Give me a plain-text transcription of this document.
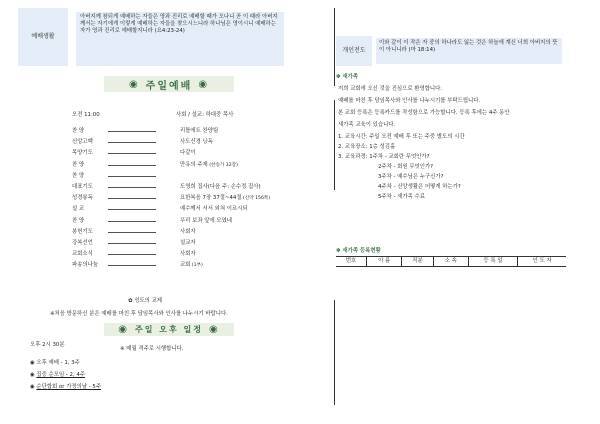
예배생활
아버지께 참되게 예배하는 자들은 영과 진리로 예배할 때가 오나니 곧 이 때라 아버지께서는 자기에게 이렇게 예배하는 자들을 찾으시느니라 하나님은 영이시니 예배하는 자가 영과 진리로 예배할지니라 (요4:23-24)
◉ 주일예배 ◉
오전 11:00	사회 / 설교: 하대중 목사
찬 양	리틀에트 찬양팀
신앙고백	사도신경 낭독
목양기도	다같이
찬 양	만유의 주재 (찬송가 32장)
찬 양
대표기도	도영희 집사(다음 주: 손수정 집사)
성경봉독	요한복음 7장 37절~44절 (신약 156쪽)
설 교	예수께서 서서 외쳐 이르시되
찬 양	우리 보좌 앞에 모였네
봉헌기도	사회자
강복선언	설교자
교회소식	사회자
파송의나눔	교회 (1부)
✿ 성도의 교제
※처음 방문하신 분은 예배를 마친 후 담임목사와 인사를 나누시기 바랍니다.
◉ 주일 오후 일정 ◉
오후 2시 30분
※ 매월 격주로 시행합니다.
◉ 오후 예배 - 1, 3주
◉ 집중 순모임 - 2, 4주
◉ 순단합회 or 가정의날 - 5주
개인전도
이와 같이 이 작은 자 중의 하나라도 잃는 것은 하늘에 계신 너희 아버지의 뜻이 아니니라 (마 18:14)
✽ 새가족
저희 교회에 오신 것을 진심으로 환영합니다.
예배를 마친 후 담임목사와 인사를 나누시기를 부탁드립니다.
본 교회 등록은 등록카드를 작성함으로 가능합니다. 등록 후에는 4주 동안
새가족 교육이 있습니다.
1. 교육시간: 주일 오전 예배 후 또는 주중 별도의 시간
2. 교육장소: 1층 성김홀
3. 교육과정: 1주차 - 교회란 무엇인가?
2주차 - 회원 무엇인가?
3주차 - 예수님은 누구신가?
4주차 - 신앙생활은 어떻게 하는가?
5주차 - 새가족 수료
✽ 새가족 등록현황
번호	이 름	직분	소 속	등 록 일	인 도 자
